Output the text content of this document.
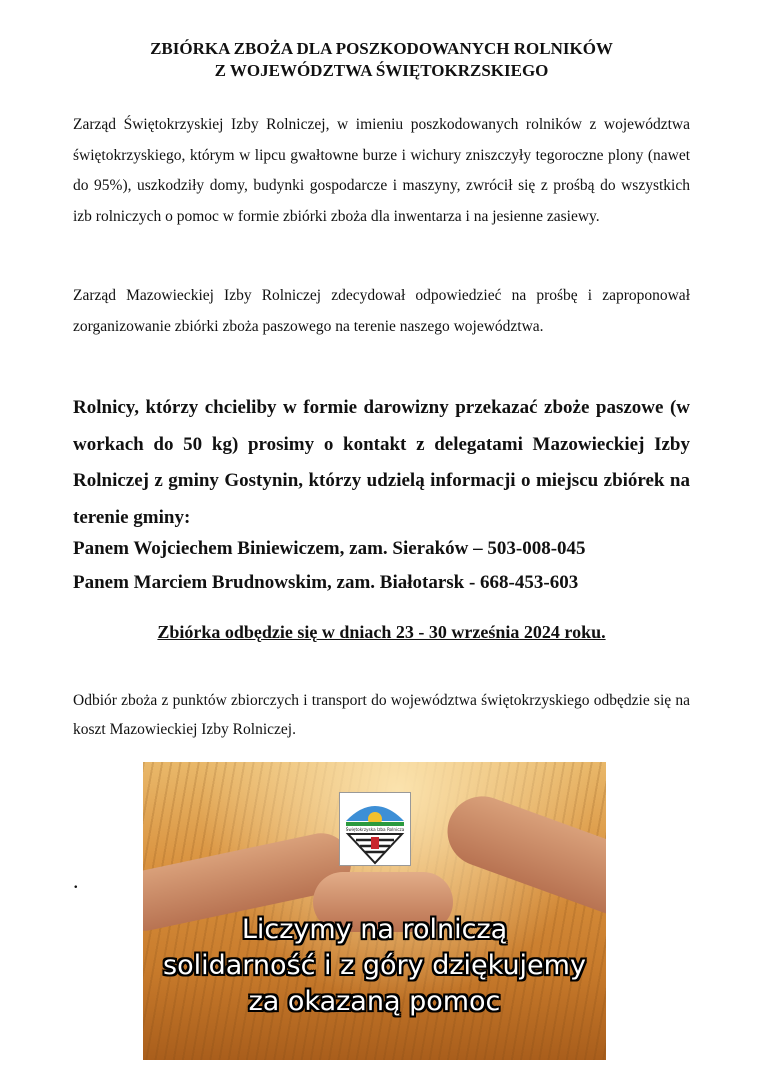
ZBIÓRKA ZBOŻA DLA POSZKODOWANYCH ROLNIKÓW
Z WOJEWÓDZTWA ŚWIĘTOKRZSKIEGO
Zarząd Świętokrzyskiej Izby Rolniczej, w imieniu poszkodowanych rolników z województwa świętokrzyskiego, którym w lipcu gwałtowne burze i wichury zniszczyły tegoroczne plony (nawet do 95%), uszkodziły domy, budynki gospodarcze i maszyny, zwrócił się z prośbą do wszystkich izb rolniczych o pomoc w formie zbiórki zboża dla inwentarza i na jesienne zasiewy.
Zarząd Mazowieckiej Izby Rolniczej zdecydował odpowiedzieć na prośbę i zaproponował zorganizowanie zbiórki zboża paszowego na terenie naszego województwa.
Rolnicy, którzy chcieliby w formie darowizny przekazać zboże paszowe (w workach do 50 kg) prosimy o kontakt z delegatami Mazowieckiej Izby Rolniczej z gminy Gostynin, którzy udzielą informacji o miejscu zbiórek na terenie gminy:
Panem Wojciechem Biniewiczem, zam. Sieraków – 503-008-045
Panem Marciem Brudnowskim, zam. Białotarsk - 668-453-603
Zbiórka odbędzie się w dniach 23 - 30 września 2024 roku.
Odbiór zboża z punktów zbiorczych i transport do województwa świętokrzyskiego odbędzie się na koszt Mazowieckiej Izby Rolniczej.
.
Świętokrzyska Izba Rolnicza
Liczymy na rolniczą
solidarność i z góry dziękujemy
za okazaną pomoc
